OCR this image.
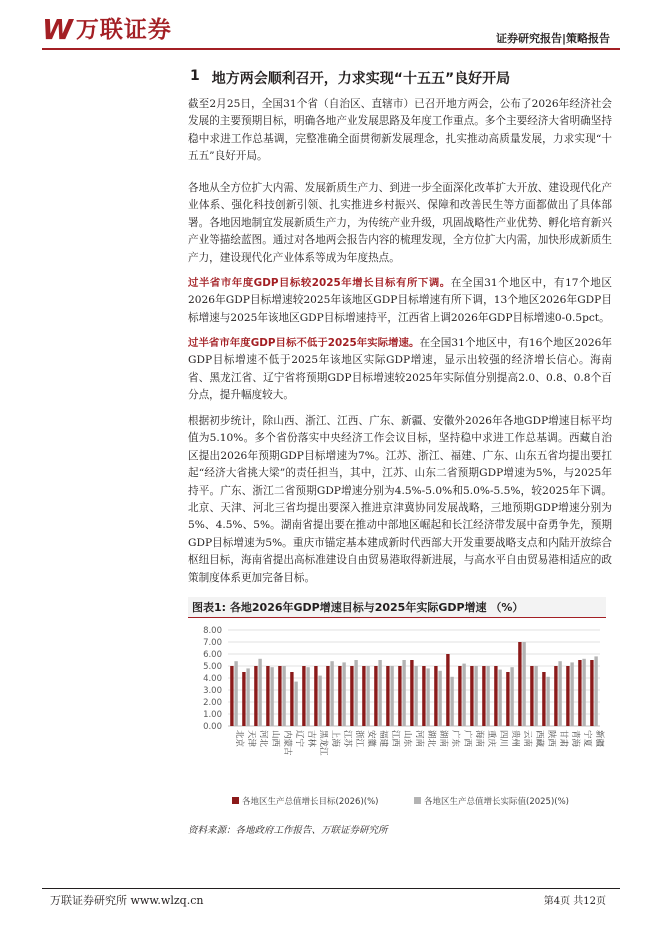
W 万联证券	证券研究报告|策略报告
1 地方两会顺利召开，力求实现“十五五”良好开局

截至2月25日，全国31个省（自治区、直辖市）已召开地方两会，公布了2026年经济社会发展的主要预期目标，明确各地产业发展思路及年度工作重点。多个主要经济大省明确坚持稳中求进工作总基调，完整准确全面贯彻新发展理念，扎实推动高质量发展，力求实现“十五五”良好开局。

各地从全方位扩大内需、发展新质生产力、到进一步全面深化改革扩大开放、建设现代化产业体系、强化科技创新引领、扎实推进乡村振兴、保障和改善民生等方面都做出了具体部署。各地因地制宜发展新质生产力，为传统产业升级，巩固战略性产业优势、孵化培育新兴产业等描绘蓝图。通过对各地两会报告内容的梳理发现，全方位扩大内需，加快形成新质生产力，建设现代化产业体系等成为年度热点。

过半省市年度GDP目标较2025年增长目标有所下调。在全国31个地区中，有17个地区2026年GDP目标增速较2025年该地区GDP目标增速有所下调，13个地区2026年GDP目标增速与2025年该地区GDP目标增速持平，江西省上调2026年GDP目标增速0-0.5pct。

过半省市年度GDP目标不低于2025年实际增速。在全国31个地区中，有16个地区2026年GDP目标增速不低于2025年该地区实际GDP增速，显示出较强的经济增长信心。海南省、黑龙江省、辽宁省将预期GDP目标增速较2025年实际值分别提高2.0、0.8、0.8个百分点，提升幅度较大。

根据初步统计，除山西、浙江、江西、广东、新疆、安徽外2026年各地GDP增速目标平均值为5.10%。多个省份落实中央经济工作会议目标，坚持稳中求进工作总基调。西藏自治区提出2026年预期GDP目标增速为7%。江苏、浙江、福建、广东、山东五省均提出要扛起“经济大省挑大梁”的责任担当，其中，江苏、山东二省预期GDP增速为5%，与2025年持平。广东、浙江二省预期GDP增速分别为4.5%-5.0%和5.0%-5.5%，较2025年下调。北京、天津、河北三省均提出要深入推进京津冀协同发展战略，三地预期GDP增速分别为5%、4.5%、5%。湖南省提出要在推动中部地区崛起和长江经济带发展中奋勇争先，预期GDP目标增速为5%。重庆市锚定基本建成新时代西部大开发重要战略支点和内陆开放综合枢纽目标，海南省提出高标准建设自由贸易港取得新进展，与高水平自由贸易港相适应的政策制度体系更加完备目标。

图表1: 各地2026年GDP增速目标与2025年实际GDP增速 （%）
0.00
1.00
2.00
3.00
4.00
5.00
6.00
7.00
8.00
北京 天津 河北 山西 内蒙古 辽宁 吉林 黑龙江 上海 江苏 浙江 安徽 福建 江西 山东 河南 湖北 湖南 广东 广西 海南 重庆 四川 贵州 云南 西藏 陕西 甘肃 青海 宁夏 新疆
各地区生产总值增长目标(2026)(%)	各地区生产总值增长实际值(2025)(%)
资料来源：各地政府工作报告、万联证券研究所
万联证券研究所 www.wlzq.cn	第4页 共12页
